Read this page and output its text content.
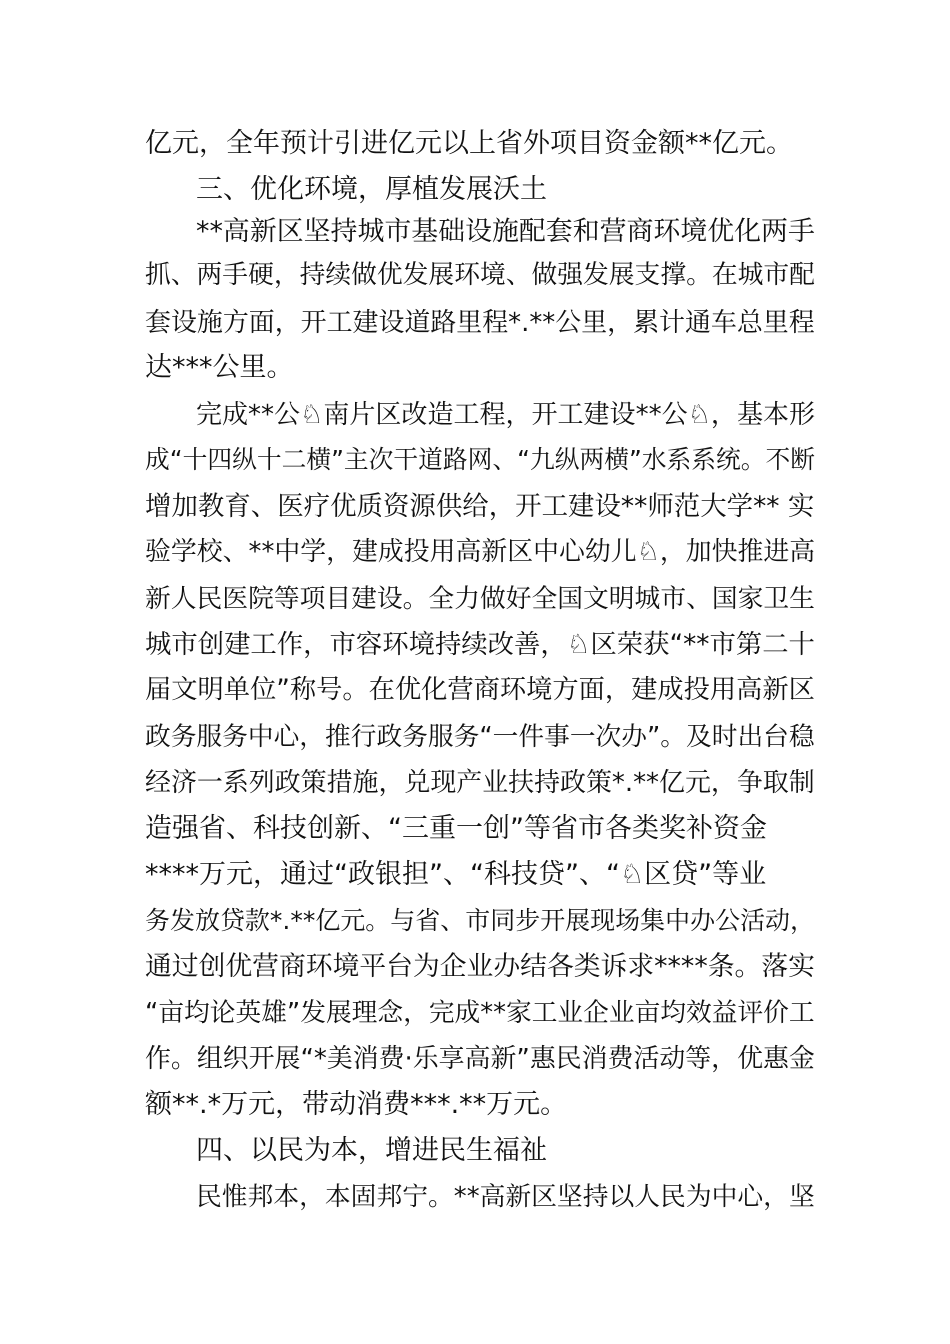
亿元，全年预计引进亿元以上省外项目资金额**亿元。
三、优化环境，厚植发展沃土
**高新区坚持城市基础设施配套和营商环境优化两手
抓、两手硬，持续做优发展环境、做强发展支撑。在城市配
套设施方面，开工建设道路里程*.**公里，累计通车总里程
达***公里。
完成**公♘南片区改造工程，开工建设**公♘，基本形
成“十四纵十二横”主次干道路网、“九纵两横”水系系统。不断
增加教育、医疗优质资源供给，开工建设**师范大学** 实
验学校、**中学，建成投用高新区中心幼儿♘，加快推进高
新人民医院等项目建设。全力做好全国文明城市、国家卫生
城市创建工作，市容环境持续改善，♘区荣获“**市第二十
届文明单位”称号。在优化营商环境方面，建成投用高新区
政务服务中心，推行政务服务“一件事一次办”。及时出台稳
经济一系列政策措施，兑现产业扶持政策*.**亿元，争取制
造强省、科技创新、“三重一创”等省市各类奖补资金
****万元，通过“政银担”、“科技贷”、“♘区贷”等业
务发放贷款*.**亿元。与省、市同步开展现场集中办公活动，
通过创优营商环境平台为企业办结各类诉求****条。落实
“亩均论英雄”发展理念，完成**家工业企业亩均效益评价工
作。组织开展“*美消费·乐享高新”惠民消费活动等，优惠金
额**.*万元，带动消费***.**万元。
四、以民为本，增进民生福祉
民惟邦本，本固邦宁。**高新区坚持以人民为中心，坚
